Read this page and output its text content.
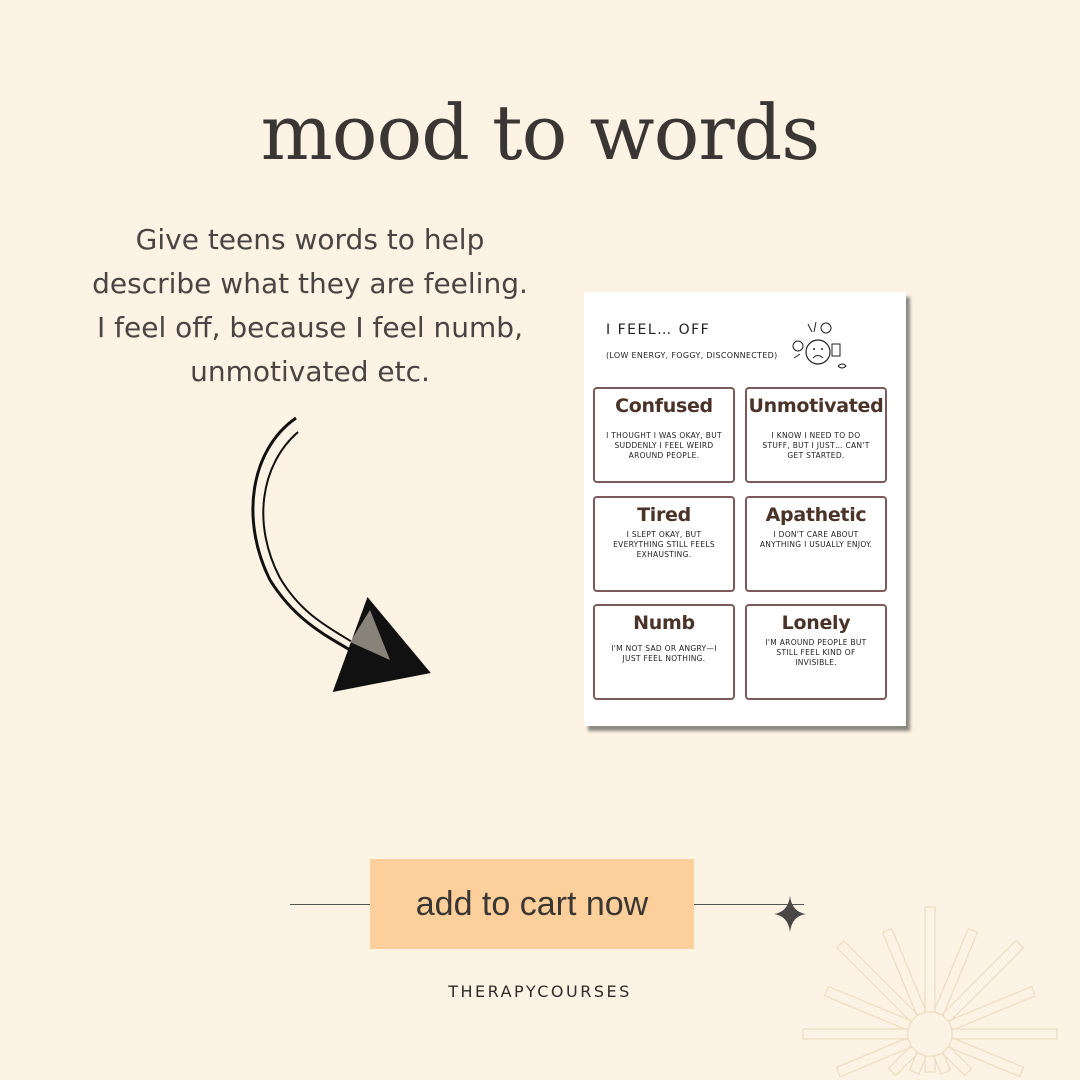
mood to words
Give teens words to help
describe what they are feeling.
I feel off, because I feel numb,
unmotivated etc.
I FEEL… OFF
(LOW ENERGY, FOGGY, DISCONNECTED)
Confused

I THOUGHT I WAS OKAY, BUT SUDDENLY I FEEL WEIRD AROUND PEOPLE.

Unmotivated

I KNOW I NEED TO DO STUFF, BUT I JUST… CAN'T GET STARTED.

Tired

I SLEPT OKAY, BUT EVERYTHING STILL FEELS EXHAUSTING.

Apathetic

I DON'T CARE ABOUT ANYTHING I USUALLY ENJOY.

Numb

I'M NOT SAD OR ANGRY—I JUST FEEL NOTHING.

Lonely

I'M AROUND PEOPLE BUT STILL FEEL KIND OF INVISIBLE.

add to cart now
THERAPYCOURSES
